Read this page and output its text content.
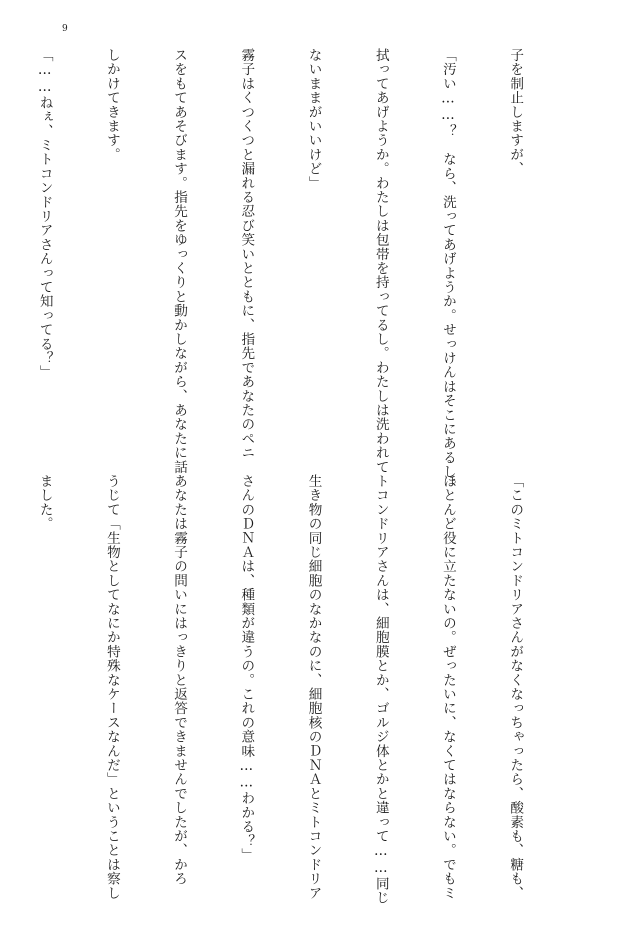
9

子を制止しますが、

「汚い……？　なら、洗ってあげようか。せっけんはそこにあるし。

拭ってあげようか。わたしは包帯を持ってるし。わたしは洗われて

ないままがいいけど」

霧子はくつくつと漏れる忍び笑いとともに、指先であなたのペニ

スをもてあそびます。指先をゆっくりと動かしながら、あなたに話

しかけてきます。

「……ねぇ、ミトコンドリアさんって知ってる？」

「このミトコンドリアさんがなくなっちゃったら、酸素も、糖も、

ほとんど役に立たないの。ぜったいに、なくてはならない。でもミ

トコンドリアさんは、細胞膜とか、ゴルジ体とかと違って……同じ

生き物の同じ細胞のなかなのに、細胞核のＤＮＡとミトコンドリア

さんのＤＮＡは、種類が違うの。これの意味……わかる？」

あなたは霧子の問いにはっきりと返答できませんでしたが、かろ

うじて「生物としてなにか特殊なケースなんだ」ということは察し

ました。
